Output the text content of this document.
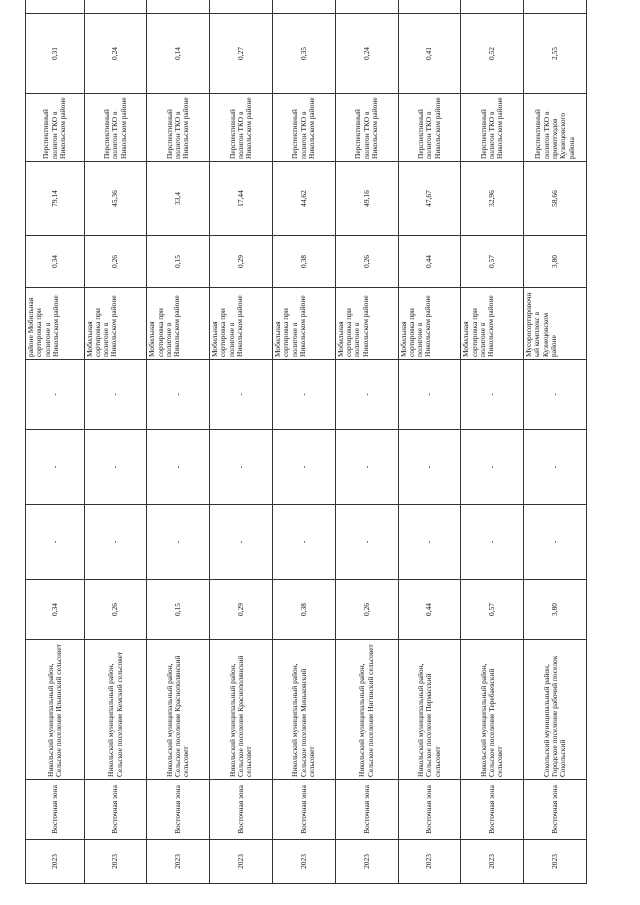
2023	Восточная зона	Никольский муниципальный район, Сельское поселение Ильинский сельсовет	0,34	-	-	-	районе Мобильная сортировка при полигоне в Никольском районе	0,34	79,14	Перспективный полигон ТКО в Никольском районе	0,31	
2023	Восточная зона	Никольский муниципальный район, Сельское поселение Кемский сельсовет	0,26	-	-	-	Мобильная сортировка при полигоне в Никольском районе	0,26	45,36	Перспективный полигон ТКО в Никольском районе	0,24	
2023	Восточная зона	Никольский муниципальный район, Сельское поселение Краснополянский сельсовет	0,15	-	-	-	Мобильная сортировка при полигоне в Никольском районе	0,15	33,4	Перспективный полигон ТКО в Никольском районе	0,14	
2023	Восточная зона	Никольский муниципальный район, Сельское поселение Краснополянский сельсовет	0,29	-	-	-	Мобильная сортировка при полигоне в Никольском районе	0,29	17,44	Перспективный полигон ТКО в Никольском районе	0,27	
2023	Восточная зона	Никольский муниципальный район, Сельское поселение Миньковский сельсовет	0,38	-	-	-	Мобильная сортировка при полигоне в Никольском районе	0,38	44,62	Перспективный полигон ТКО в Никольском районе	0,35	
2023	Восточная зона	Никольский муниципальный район, Сельское поселение Нигинский сельсовет	0,26	-	-	-	Мобильная сортировка при полигоне в Никольском районе	0,26	49,16	Перспективный полигон ТКО в Никольском районе	0,24	
2023	Восточная зона	Никольский муниципальный район, Сельское поселение Пермасский сельсовет	0,44	-	-	-	Мобильная сортировка при полигоне в Никольском районе	0,44	47,67	Перспективный полигон ТКО в Никольском районе	0,41	
2023	Восточная зона	Никольский муниципальный район, Сельское поселение Теребаевский сельсовет	0,57	-	-	-	Мобильная сортировка при полигоне в Никольском районе	0,57	32,96	Перспективный полигон ТКО в Никольском районе	0,52	
2023	Восточная зона	Сокольский муниципальный район, Городское поселение рабочий поселок Сокольский	3,80	-	-	-	Мусоросортировочный комплекс в Кузнецовском районе	3,80	58,66	Перспективный полигон ТКО в промотходов Кузнецовского района	2,55	
